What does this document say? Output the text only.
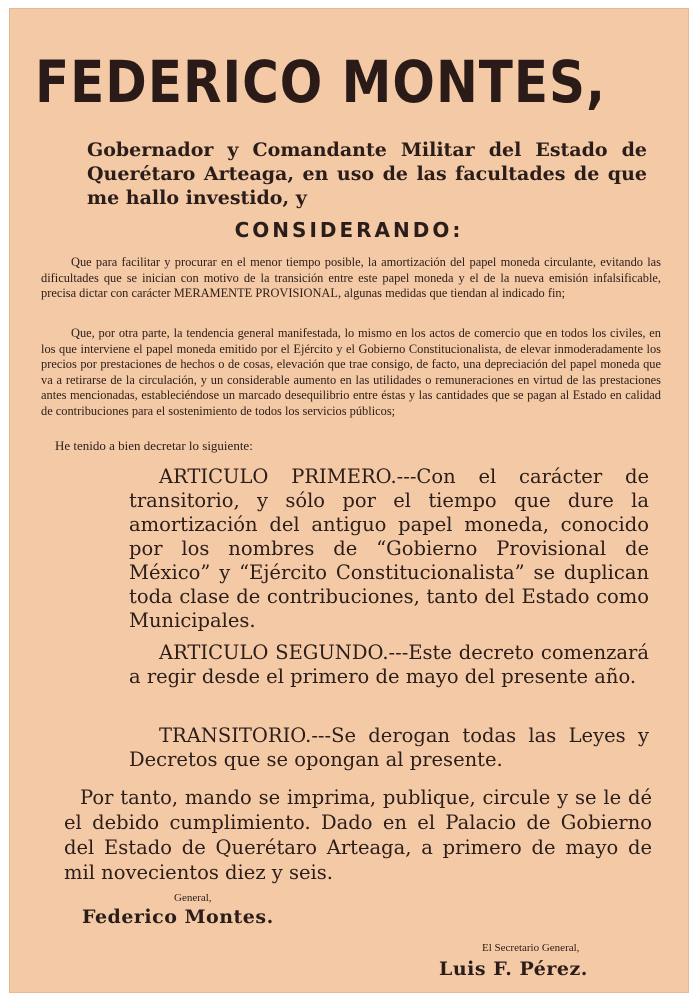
FEDERICO MONTES,
Gobernador y Comandante Militar del Estado de Querétaro Arteaga, en uso de las facultades de que me hallo investido, y
CONSIDERANDO:
Que para facilitar y procurar en el menor tiempo posible, la amortización del papel moneda circulante, evitando las dificultades que se inician con motivo de la transición entre este papel moneda y el de la nueva emisión infalsificable, precisa dictar con carácter MERAMENTE PROVISIONAL, algunas medidas que tiendan al indicado fin;
Que, por otra parte, la tendencia general manifestada, lo mismo en los actos de comercio que en todos los civiles, en los que interviene el papel moneda emitido por el Ejército y el Gobierno Constitucionalista, de elevar inmoderadamente los precios por prestaciones de hechos o de cosas, elevación que trae consigo, de facto, una depreciación del papel moneda que va a retirarse de la circulación, y un considerable aumento en las utilidades o remuneraciones en virtud de las prestaciones antes mencionadas, estableciéndose un marcado desequilibrio entre éstas y las cantidades que se pagan al Estado en calidad de contribuciones para el sostenimiento de todos los servicios públicos;
He tenido a bien decretar lo siguiente:
ARTICULO PRIMERO.---Con el carácter de transitorio, y sólo por el tiempo que dure la amortización del antiguo papel moneda, conocido por los nombres de “Gobierno Provisional de México” y “Ejército Constitucionalista” se duplican toda clase de contribuciones, tanto del Estado como Municipales.
ARTICULO SEGUNDO.---Este decreto comenzará a regir desde el primero de mayo del presente año.
TRANSITORIO.---Se derogan todas las Leyes y Decretos que se opongan al presente.
Por tanto, mando se imprima, publique, circule y se le dé el debido cumplimiento. Dado en el Palacio de Gobierno del Estado de Querétaro Arteaga, a primero de mayo de mil novecientos diez y seis.
General,
Federico Montes.
El Secretario General,
Luis F. Pérez.
